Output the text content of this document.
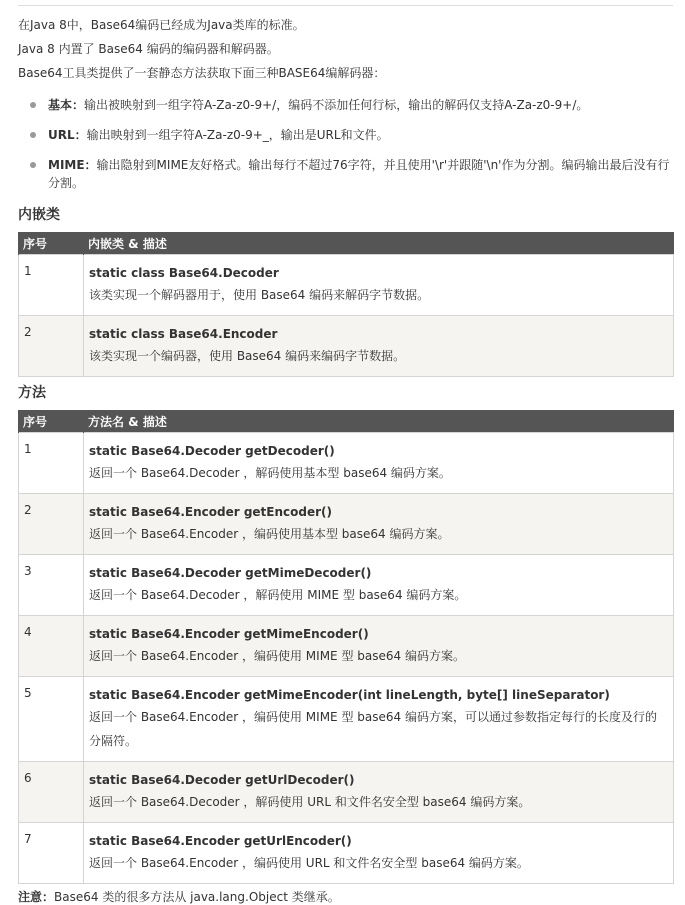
在Java 8中，Base64编码已经成为Java类库的标准。
Java 8 内置了 Base64 编码的编码器和解码器。
Base64工具类提供了一套静态方法获取下面三种BASE64编解码器：
基本：输出被映射到一组字符A-Za-z0-9+/，编码不添加任何行标，输出的解码仅支持A-Za-z0-9+/。
URL：输出映射到一组字符A-Za-z0-9+_，输出是URL和文件。
MIME：输出隐射到MIME友好格式。输出每行不超过76字符，并且使用'\r'并跟随'\n'作为分割。编码输出最后没有行分割。
内嵌类
序号	内嵌类 & 描述
1	static class Base64.Decoder
该类实现一个解码器用于，使用 Base64 编码来解码字节数据。

2	static class Base64.Encoder
该类实现一个编码器，使用 Base64 编码来编码字节数据。
方法
序号	方法名 & 描述
1	static Base64.Decoder getDecoder()
返回一个 Base64.Decoder ，解码使用基本型 base64 编码方案。

2	static Base64.Encoder getEncoder()
返回一个 Base64.Encoder ，编码使用基本型 base64 编码方案。

3	static Base64.Decoder getMimeDecoder()
返回一个 Base64.Decoder ，解码使用 MIME 型 base64 编码方案。

4	static Base64.Encoder getMimeEncoder()
返回一个 Base64.Encoder ，编码使用 MIME 型 base64 编码方案。

5	static Base64.Encoder getMimeEncoder(int lineLength, byte[] lineSeparator)
返回一个 Base64.Encoder ，编码使用 MIME 型 base64 编码方案，可以通过参数指定每行的长度及行的分隔符。

6	static Base64.Decoder getUrlDecoder()
返回一个 Base64.Decoder ，解码使用 URL 和文件名安全型 base64 编码方案。

7	static Base64.Encoder getUrlEncoder()
返回一个 Base64.Encoder ，编码使用 URL 和文件名安全型 base64 编码方案。
注意：Base64 类的很多方法从 java.lang.Object 类继承。
